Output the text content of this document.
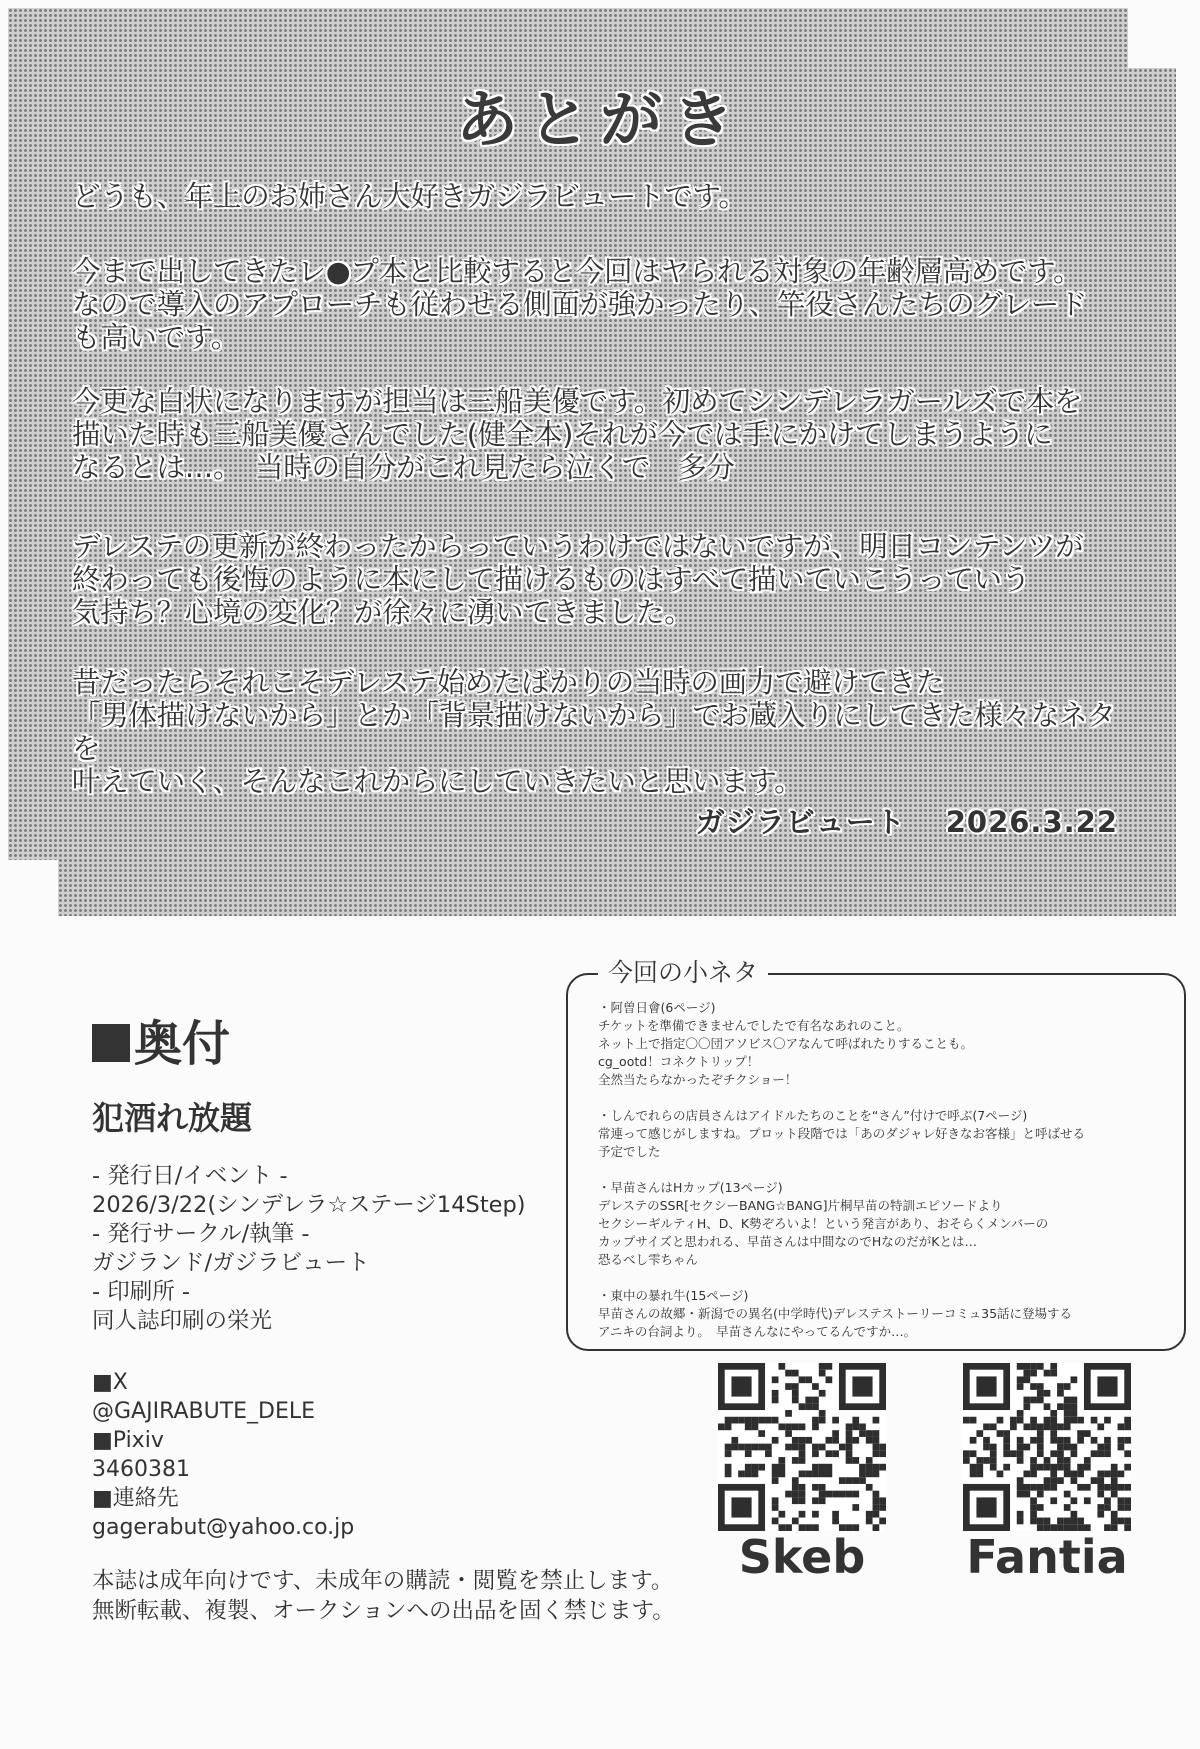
あとがき
どうも、年上のお姉さん大好きガジラビュートです。
今まで出してきたレ●プ本と比較すると今回はヤられる対象の年齢層高めです。
なので導入のアプローチも従わせる側面が強かったり、竿役さんたちのグレード
も高いです。
今更な白状になりますが担当は三船美優です。初めてシンデレラガールズで本を
描いた時も三船美優さんでした(健全本)それが今では手にかけてしまうように
なるとは…。　当時の自分がこれ見たら泣くで　多分
デレステの更新が終わったからっていうわけではないですが、明日コンテンツが
終わっても後悔のように本にして描けるものはすべて描いていこうっていう
気持ち？心境の変化？が徐々に湧いてきました。
昔だったらそれこそデレステ始めたばかりの当時の画力で避けてきた
「男体描けないから」とか「背景描けないから」でお蔵入りにしてきた様々なネタを
叶えていく、そんなこれからにしていきたいと思います。
ガジラビュート 2026.3.22
奥付
犯酒れ放題
- 発行日/イベント -
2026/3/22(シンデレラ☆ステージ14Step)
- 発行サークル/執筆 -
ガジランド/ガジラビュート
- 印刷所 -
同人誌印刷の栄光
■X
@GAJIRABUTE_DELE
■Pixiv
3460381
■連絡先
gagerabut@yahoo.co.jp
本誌は成年向けです、未成年の購読・閲覧を禁止します。
無断転載、複製、オークションへの出品を固く禁じます。
今回の小ネタ
・阿曽日會(6ページ)
チケットを準備できませんでしたで有名なあれのこと。
ネット上で指定〇〇団アソビス〇アなんて呼ばれたりすることも。
cg_ootd！コネクトリップ！
全然当たらなかったぞチクショー！
・しんでれらの店員さんはアイドルたちのことを“さん”付けで呼ぶ(7ページ)
常連って感じがしますね。プロット段階では「あのダジャレ好きなお客様」と呼ばせる
予定でした
・早苗さんはHカップ(13ページ)
デレステのSSR[セクシーBANG☆BANG]片桐早苗の特訓エピソードより
セクシーギルティH、D、K勢ぞろいよ！という発言があり、おそらくメンバーの
カップサイズと思われる、早苗さんは中間なのでHなのだがKとは…
恐るべし雫ちゃん
・東中の暴れ牛(15ページ)
早苗さんの故郷・新潟での異名(中学時代)デレステストーリーコミュ35話に登場する
アニキの台詞より。　早苗さんなにやってるんですか…。
Skeb	Fantia
